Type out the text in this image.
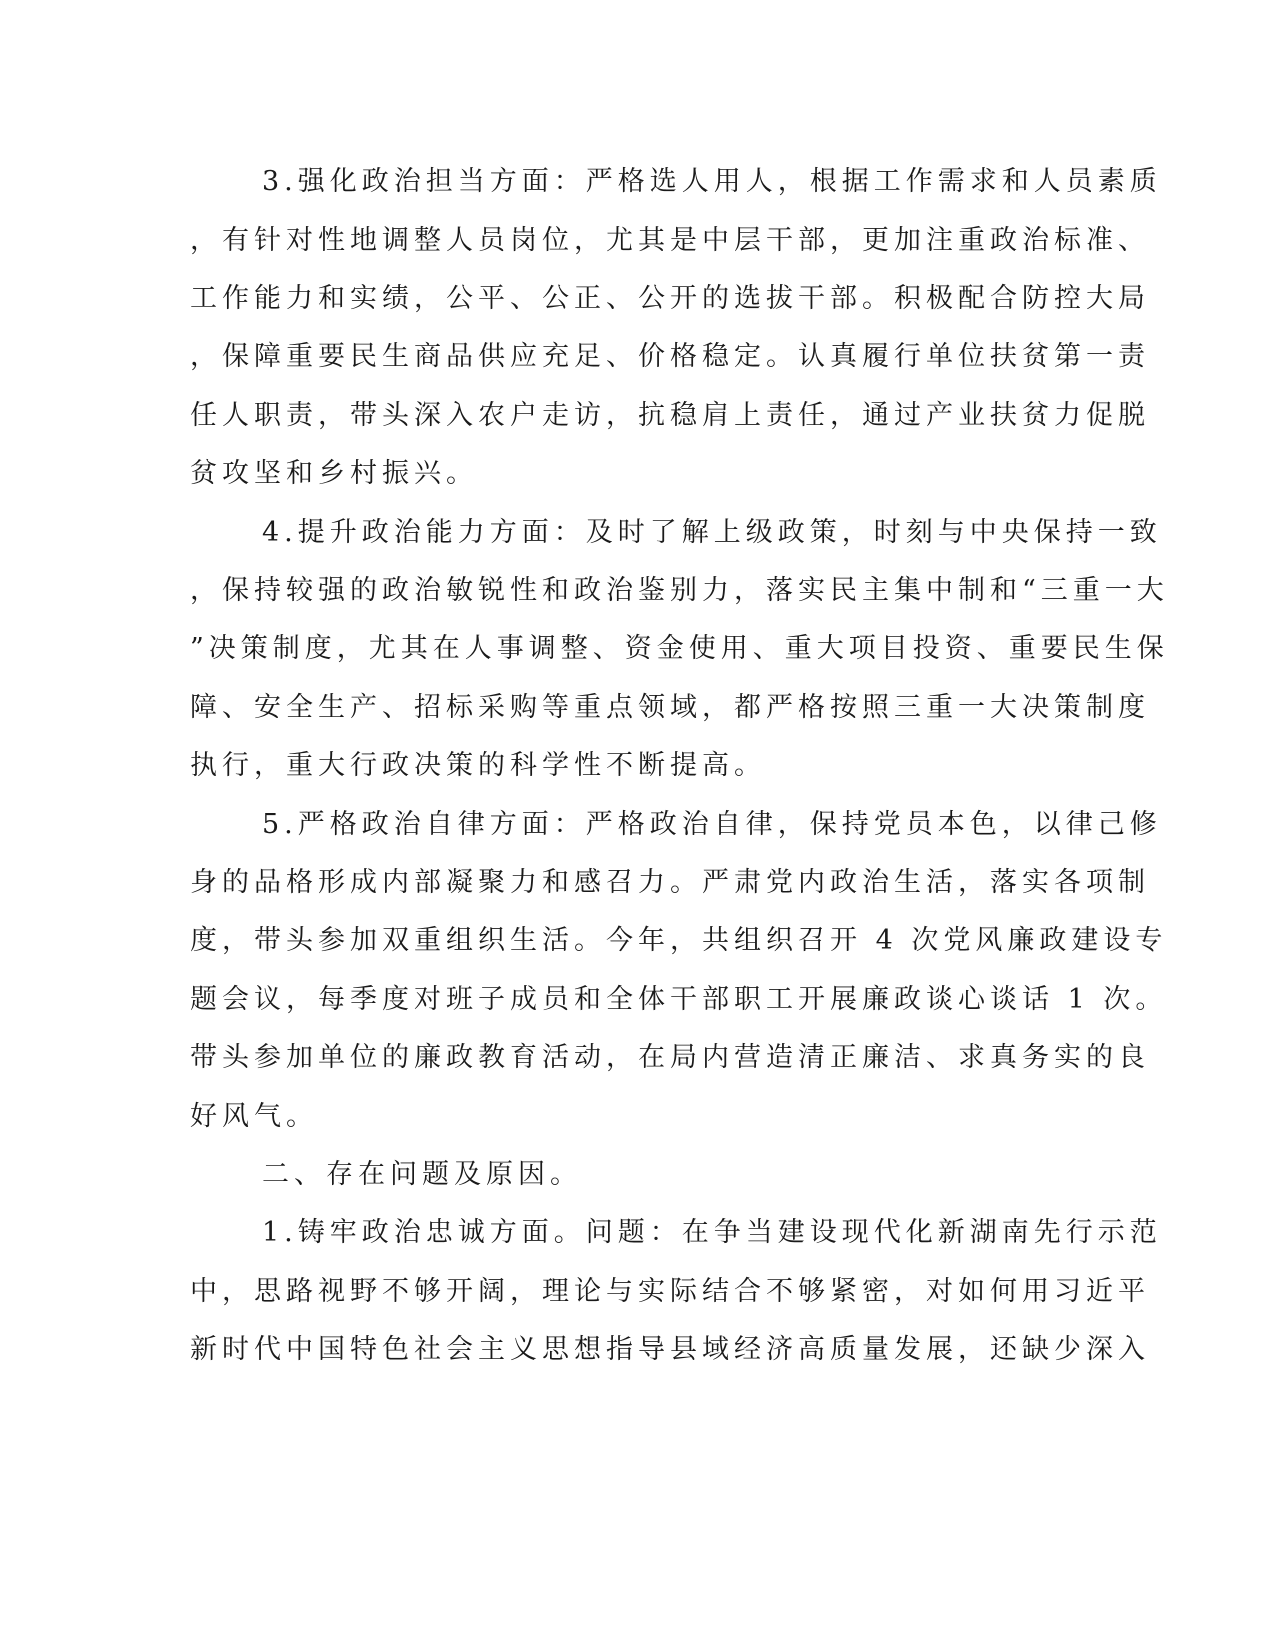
3.强化政治担当方面：严格选人用人，根据工作需求和人员素质

，有针对性地调整人员岗位，尤其是中层干部，更加注重政治标准、

工作能力和实绩，公平、公正、公开的选拔干部。积极配合防控大局

，保障重要民生商品供应充足、价格稳定。认真履行单位扶贫第一责

任人职责，带头深入农户走访，抗稳肩上责任，通过产业扶贫力促脱

贫攻坚和乡村振兴。

4.提升政治能力方面：及时了解上级政策，时刻与中央保持一致

，保持较强的政治敏锐性和政治鉴别力，落实民主集中制和“三重一大

”决策制度，尤其在人事调整、资金使用、重大项目投资、重要民生保

障、安全生产、招标采购等重点领域，都严格按照三重一大决策制度

执行，重大行政决策的科学性不断提高。

5.严格政治自律方面：严格政治自律，保持党员本色，以律己修

身的品格形成内部凝聚力和感召力。严肃党内政治生活，落实各项制

度，带头参加双重组织生活。今年，共组织召开 4 次党风廉政建设专

题会议，每季度对班子成员和全体干部职工开展廉政谈心谈话 1 次。

带头参加单位的廉政教育活动，在局内营造清正廉洁、求真务实的良

好风气。

二、存在问题及原因。

1.铸牢政治忠诚方面。问题：在争当建设现代化新湖南先行示范

中，思路视野不够开阔，理论与实际结合不够紧密，对如何用习近平

新时代中国特色社会主义思想指导县域经济高质量发展，还缺少深入
